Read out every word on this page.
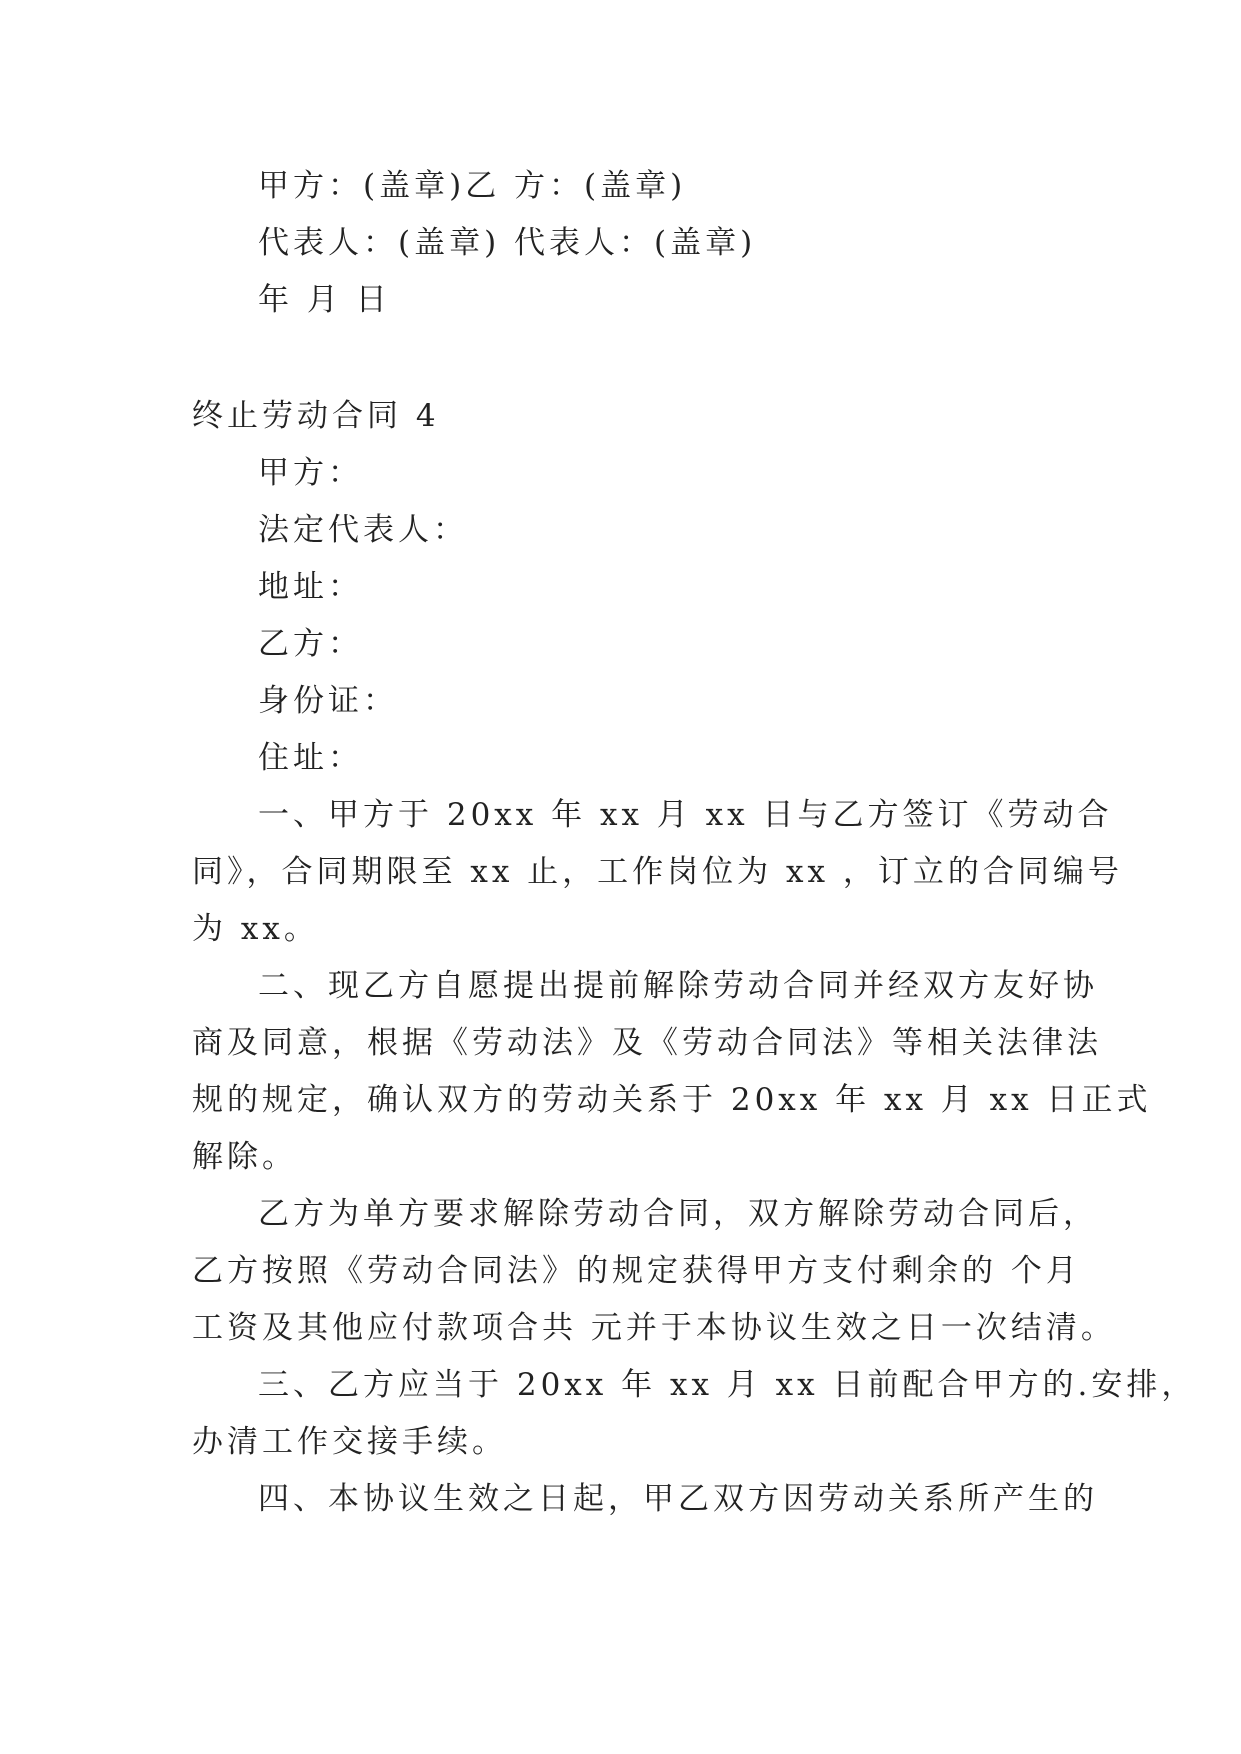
甲方：(盖章)乙 方：(盖章)
代表人：(盖章) 代表人：(盖章)
年 月 日
终止劳动合同 4
甲方：
法定代表人：
地址：
乙方：
身份证：
住址：
一、甲方于 20xx 年 xx 月 xx 日与乙方签订《劳动合
同》，合同期限至 xx 止，工作岗位为 xx ，订立的合同编号
为 xx。
二、现乙方自愿提出提前解除劳动合同并经双方友好协
商及同意，根据《劳动法》及《劳动合同法》等相关法律法
规的规定，确认双方的劳动关系于 20xx 年 xx 月 xx 日正式
解除。
乙方为单方要求解除劳动合同，双方解除劳动合同后，
乙方按照《劳动合同法》的规定获得甲方支付剩余的 个月
工资及其他应付款项合共 元并于本协议生效之日一次结清。
三、乙方应当于 20xx 年 xx 月 xx 日前配合甲方的.安排，
办清工作交接手续。
四、本协议生效之日起，甲乙双方因劳动关系所产生的
